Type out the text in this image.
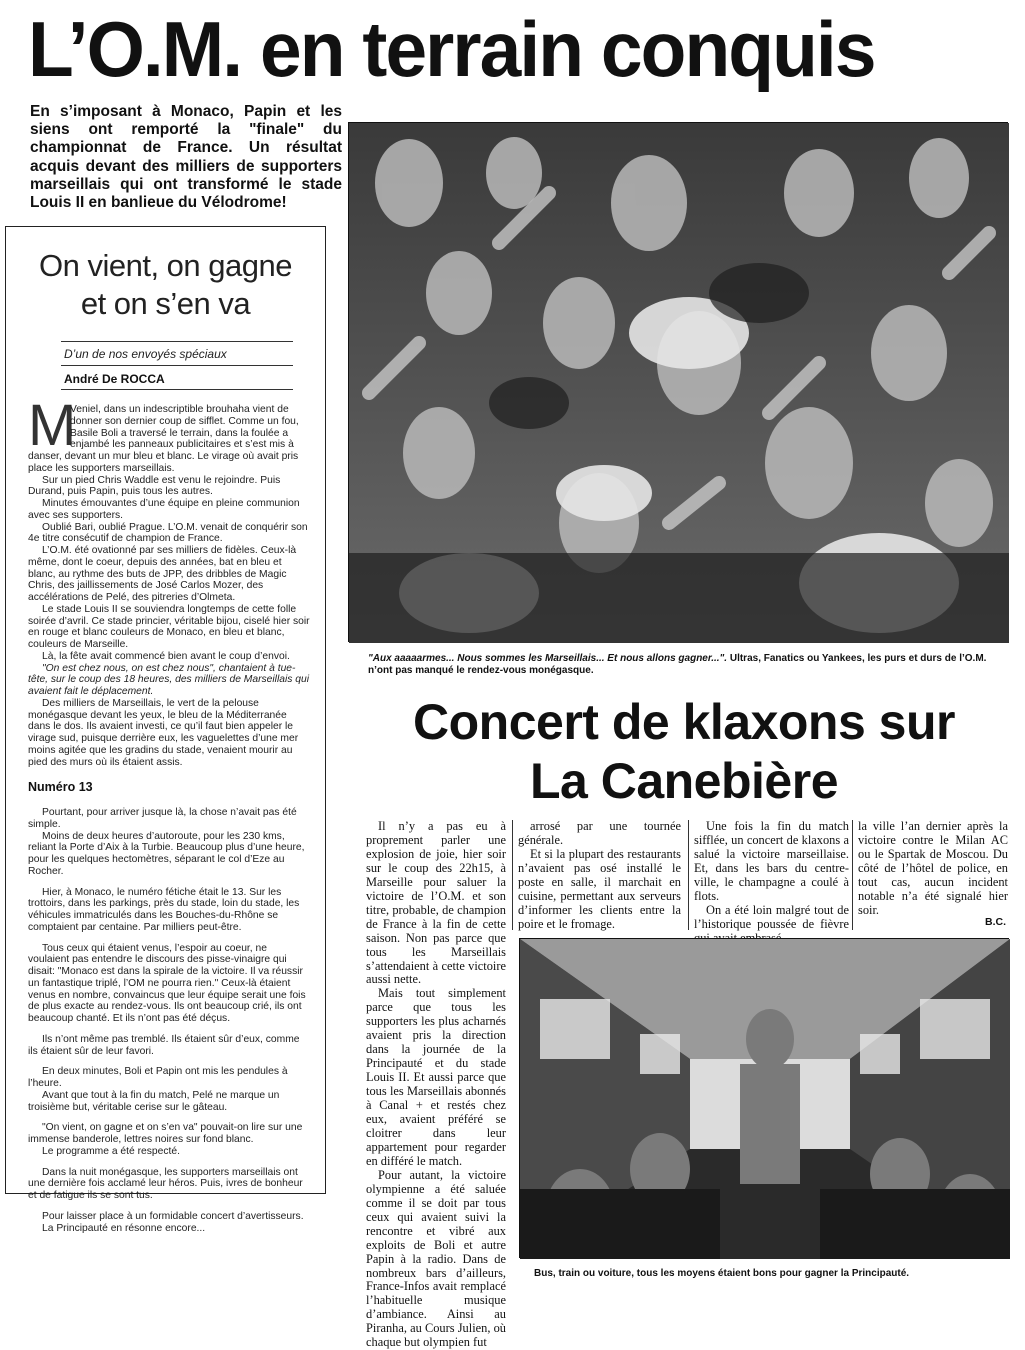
L’O.M. en terrain conquis

En s’imposant à Monaco, Papin et les siens ont remporté la "finale" du championnat de France. Un résultat acquis devant des milliers de supporters marseillais qui ont transformé le stade Louis II en banlieue du Vélodrome!

On vient, on gagne
et on s’en va
D’un de nos envoyés spéciaux
André De ROCCA
M

Veniel, dans un indescriptible brouhaha vient de donner son dernier coup de sifflet. Comme un fou, Basile Boli a traversé le terrain, dans la foulée a enjambé les panneaux publicitaires et s’est mis à danser, devant un mur bleu et blanc. Le virage où avait pris place les supporters marseillais.

Sur un pied Chris Waddle est venu le rejoindre. Puis Durand, puis Papin, puis tous les autres.

Minutes émouvantes d’une équipe en pleine communion avec ses supporters.

Oublié Bari, oublié Prague. L’O.M. venait de conquérir son 4e titre consécutif de champion de France.

L’O.M. été ovationné par ses milliers de fidèles. Ceux-là même, dont le coeur, depuis des années, bat en bleu et blanc, au rythme des buts de JPP, des dribbles de Magic Chris, des jaillissements de José Carlos Mozer, des accélérations de Pelé, des pitreries d’Olmeta.

Le stade Louis II se souviendra longtemps de cette folle soirée d’avril. Ce stade princier, véritable bijou, ciselé hier soir en rouge et blanc couleurs de Monaco, en bleu et blanc, couleurs de Marseille.

Là, la fête avait commencé bien avant le coup d’envoi.

"On est chez nous, on est chez nous", chantaient à tue-tête, sur le coup des 18 heures, des milliers de Marseillais qui avaient fait le déplacement.

Des milliers de Marseillais, le vert de la pelouse monégasque devant les yeux, le bleu de la Méditerranée dans le dos. Ils avaient investi, ce qu’il faut bien appeler le virage sud, puisque derrière eux, les vaguelettes d’une mer moins agitée que les gradins du stade, venaient mourir au pied des murs où ils étaient assis.

Numéro 13

Pourtant, pour arriver jusque là, la chose n’avait pas été simple.

Moins de deux heures d’autoroute, pour les 230 kms, reliant la Porte d’Aix à la Turbie. Beaucoup plus d’une heure, pour les quelques hectomètres, séparant le col d’Eze au Rocher.

Hier, à Monaco, le numéro fétiche était le 13. Sur les trottoirs, dans les parkings, près du stade, loin du stade, les véhicules immatriculés dans les Bouches-du-Rhône se comptaient par centaine. Par milliers peut-être.

Tous ceux qui étaient venus, l’espoir au coeur, ne voulaient pas entendre le discours des pisse-vinaigre qui disait: "Monaco est dans la spirale de la victoire. Il va réussir un fantastique triplé, l’OM ne pourra rien." Ceux-là étaient venus en nombre, convaincus que leur équipe serait une fois de plus exacte au rendez-vous. Ils ont beaucoup crié, ils ont beaucoup chanté. Et ils n’ont pas été déçus.

Ils n’ont même pas tremblé. Ils étaient sûr d’eux, comme ils étaient sûr de leur favori.

En deux minutes, Boli et Papin ont mis les pendules à l’heure.

Avant que tout à la fin du match, Pelé ne marque un troisième but, véritable cerise sur le gâteau.

"On vient, on gagne et on s’en va" pouvait-on lire sur une immense banderole, lettres noires sur fond blanc.

Le programme a été respecté.

Dans la nuit monégasque, les supporters marseillais ont une dernière fois acclamé leur héros. Puis, ivres de bonheur et de fatigue ils se sont tus.

Pour laisser place à un formidable concert d’avertisseurs.

La Principauté en résonne encore...

"Aux aaaaarmes... Nous sommes les Marseillais... Et nous allons gagner...". Ultras, Fanatics ou Yankees, les purs et durs de l’O.M. n’ont pas manqué le rendez-vous monégasque.

Concert de klaxons sur
La Canebière

Il n’y a pas eu à proprement parler une explosion de joie, hier soir sur le coup des 22h15, à Marseille pour saluer la victoire de l’O.M. et son titre, probable, de champion de France à la fin de cette saison. Non pas parce que tous les Marseillais s’attendaient à cette victoire aussi nette.

Mais tout simplement parce que tous les supporters les plus acharnés avaient pris la direction dans la journée de la Principauté et du stade Louis II. Et aussi parce que tous les Marseillais abonnés à Canal + et restés chez eux, avaient préféré se cloitrer dans leur appartement pour regarder en différé le match.

Pour autant, la victoire olympienne a été saluée comme il se doit par tous ceux qui avaient suivi la rencontre et vibré aux exploits de Boli et autre Papin à la radio. Dans de nombreux bars d’ailleurs, France-Infos avait remplacé l’habituelle musique d’ambiance. Ainsi au Piranha, au Cours Julien, où chaque but olympien fut

arrosé par une tournée générale.

Et si la plupart des restaurants n’avaient pas osé installé le poste en salle, il marchait en cuisine, permettant aux serveurs d’informer les clients entre la poire et le fromage.

Une fois la fin du match sifflée, un concert de klaxons a salué la victoire marseillaise. Et, dans les bars du centre-ville, le champagne a coulé à flots.

On a été loin malgré tout de l’historique poussée de fièvre

la ville l’an dernier après la victoire contre le Milan AC ou le Spartak de Moscou. Du côté de l’hôtel de police, en tout cas, aucun incident notable n’a été signalé hier soir.

B.C.

Bus, train ou voiture, tous les moyens étaient bons pour gagner la Principauté.
